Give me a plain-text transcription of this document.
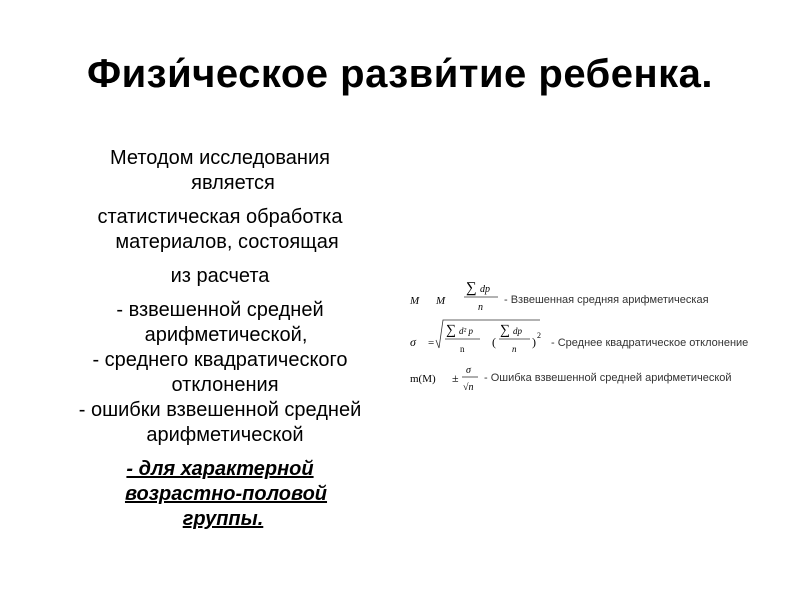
Физи́ческое разви́тие ребенка.
Методом исследования
является
статистическая обработка
материалов, состоящая
из расчета
- взвешенной средней
арифметической,
- среднего квадратического
отклонения
- ошибки взвешенной средней
арифметической
- для характерной
возрастно-половой
группы.
M M
∑ dp
n
- Взвешенная средняя арифметическая
σ =
∑ d² p
n (
∑ dp
n ) 2
- Среднее квадратическое отклонение
m(M) ±
σ
√n
- Ошибка взвешенной средней арифметической
